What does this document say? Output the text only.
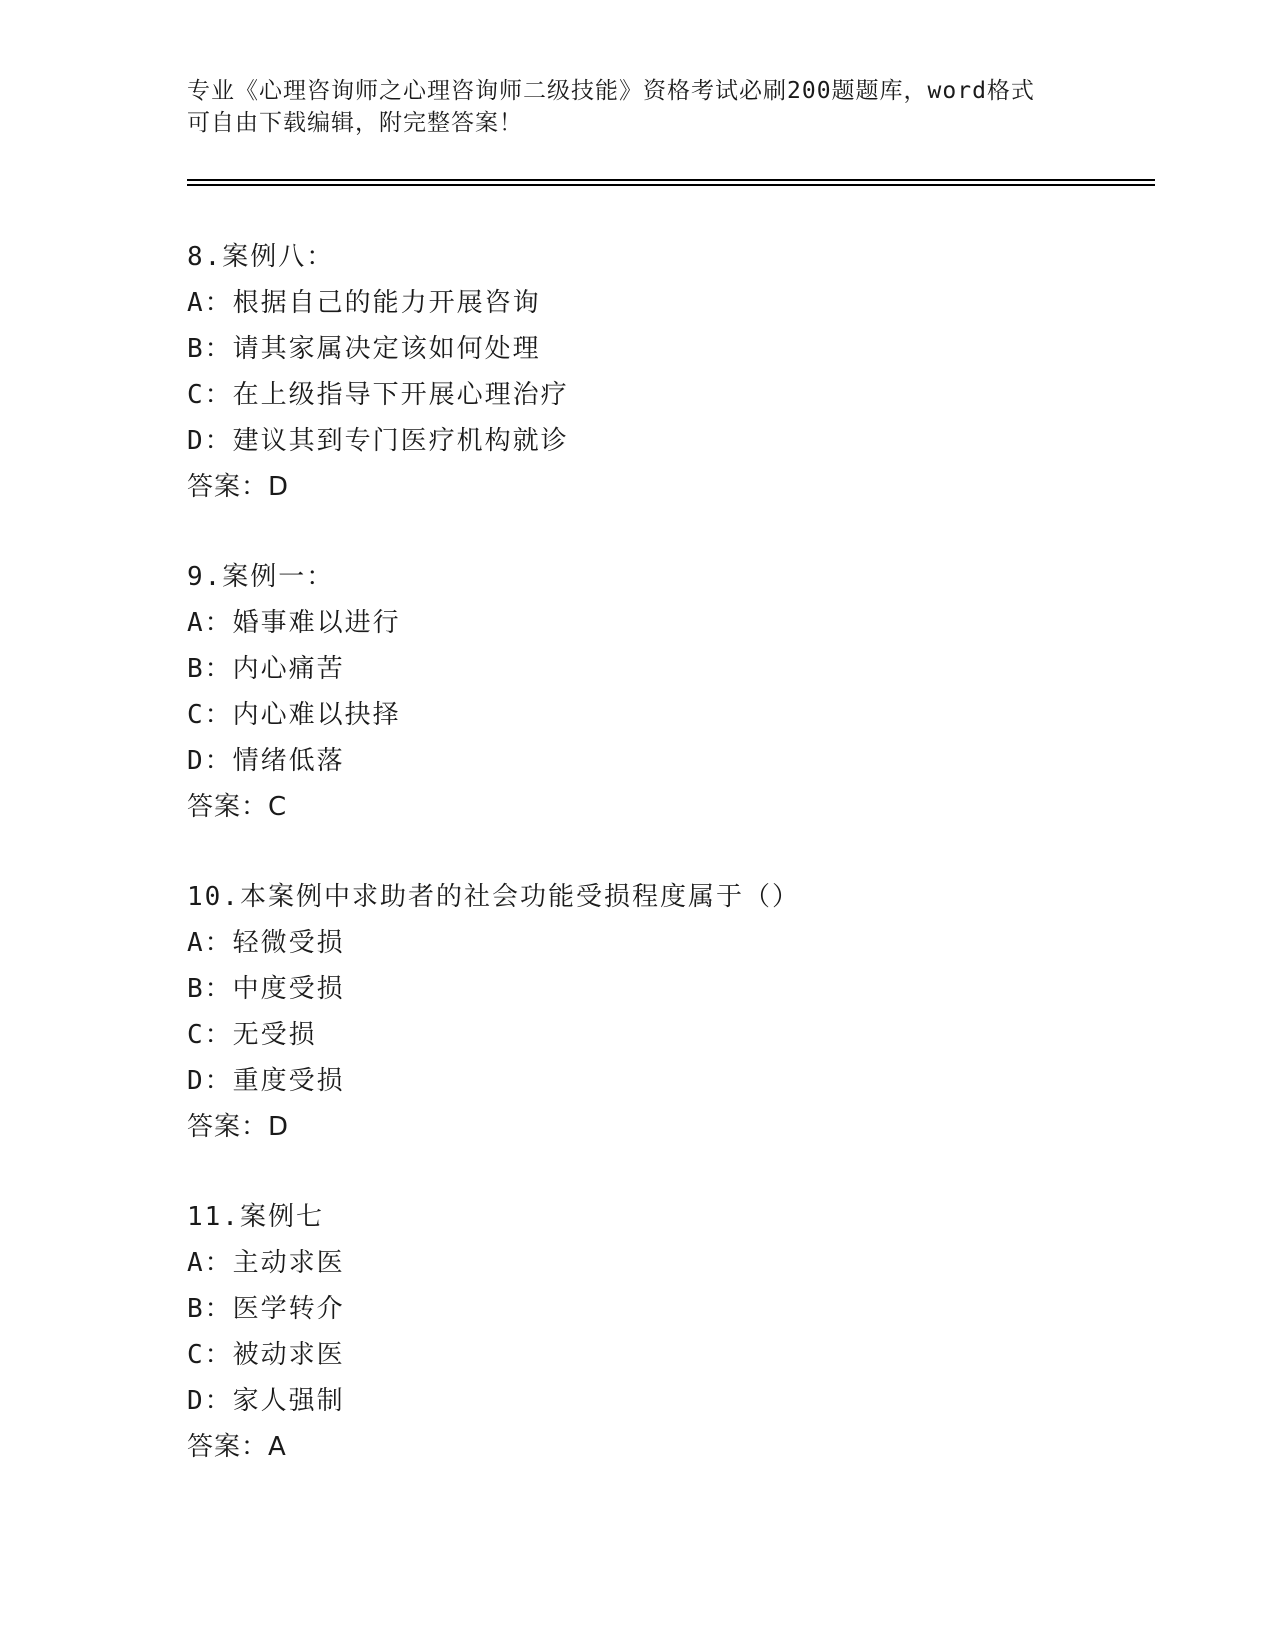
专业《心理咨询师之心理咨询师二级技能》资格考试必刷200题题库，word格式
可自由下载编辑，附完整答案！
8.案例八：
A：根据自己的能力开展咨询
B：请其家属决定该如何处理
C：在上级指导下开展心理治疗
D：建议其到专门医疗机构就诊
答案：D
9.案例一：
A：婚事难以进行
B：内心痛苦
C：内心难以抉择
D：情绪低落
答案：C
10.本案例中求助者的社会功能受损程度属于（）
A：轻微受损
B：中度受损
C：无受损
D：重度受损
答案：D
11.案例七
A：主动求医
B：医学转介
C：被动求医
D：家人强制
答案：A
